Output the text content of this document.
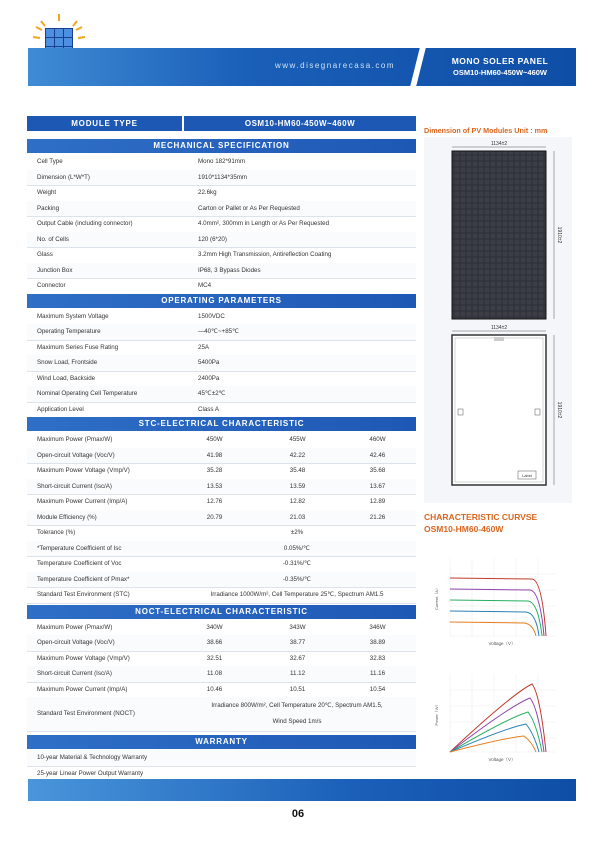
www.disegnarecasa.com	MONO SOLER PANEL
OSM10-HM60-450W~460W
MODULE TYPE	OSM10-HM60-450W~460W
MECHANICAL SPECIFICATION
Cell Type	Mono 182*91mm
Dimension (L*W*T)	1910*1134*35mm
Weight	22.6kg
Packing	Carton or Pallet or As Per Requested
Output Cable (including connector)	4.0mm², 300mm in Length or As Per Requested
No. of Cells	120 (6*20)
Glass	3.2mm High Transmission, Antireflection Coating
Junction Box	IP68, 3 Bypass Diodes
Connector	MC4
OPERATING PARAMETERS
Maximum System Voltage	1500VDC
Operating Temperature	—40℃~+85℃
Maximum Series Fuse Rating	25A
Snow Load, Frontside	5400Pa
Wind Load, Backside	2400Pa
Nominal Operating Cell Temperature	45℃±2℃
Application Level	Class A
STC-ELECTRICAL CHARACTERISTIC
Maximum Power (Pmax/W)	450W	455W	460W
Open-circuit Voltage (Voc/V)	41.98	42.22	42.46
Maximum Power Voltage (Vmp/V)	35.28	35.48	35.68
Short-circuit Current (Isc/A)	13.53	13.59	13.67
Maximum Power Current (Imp/A)	12.76	12.82	12.89
Module Efficiency (%)	20.79	21.03	21.26
Tolerance (%)	±2%
*Temperature Coefficient of Isc	0.05%/℃
Temperature Coefficient of Voc	-0.31%/℃
Temperature Coefficient of Pmax*	-0.35%/℃
Standard Test Environment (STC)	Irradiance 1000W/m², Cell Temperature 25℃, Spectrum AM1.5
NOCT-ELECTRICAL CHARACTERISTIC
Maximum Power (Pmax/W)	340W	343W	346W
Open-circuit Voltage (Voc/V)	38.66	38.77	38.89
Maximum Power Voltage (Vmp/V)	32.51	32.67	32.83
Short-circuit Current (Isc/A)	11.08	11.12	11.16
Maximum Power Current (Imp/A)	10.46	10.51	10.54
Standard Test Environment (NOCT)
Irradiance 800W/m², Cell Temperature 20℃, Spectrum AM1.5,
Wind Speed 1m/s
WARRANTY
10-year Material & Technology Warranty
25-year Linear Power Output Warranty
Dimension of PV Modules Unit : mm
1134±2
1910±2
1134±2
Label
1910±2
CHARACTERISTIC CURVSE
OSM10-HM60-460W
Current（A）
Voltage（V）
Power（W）
Voltage（V）
06
